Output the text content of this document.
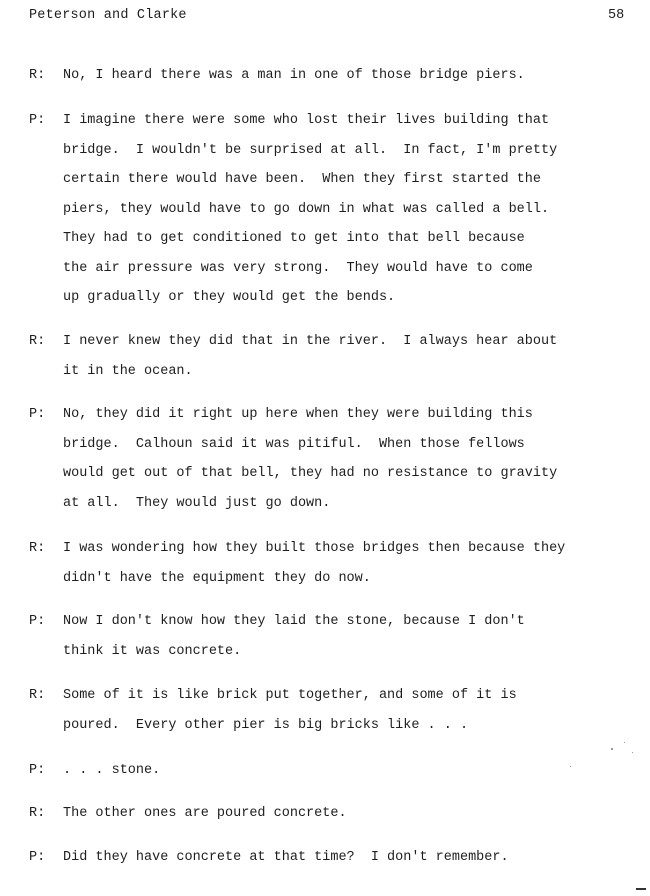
Peterson and Clarke	58
R:	No, I heard there was a man in one of those bridge piers.
P:	I imagine there were some who lost their lives building that
bridge.  I wouldn't be surprised at all.  In fact, I'm pretty
certain there would have been.  When they first started the
piers, they would have to go down in what was called a bell.
They had to get conditioned to get into that bell because
the air pressure was very strong.  They would have to come
up gradually or they would get the bends.
R:	I never knew they did that in the river.  I always hear about
it in the ocean.
P:	No, they did it right up here when they were building this
bridge.  Calhoun said it was pitiful.  When those fellows
would get out of that bell, they had no resistance to gravity
at all.  They would just go down.
R:	I was wondering how they built those bridges then because they
didn't have the equipment they do now.
P:	Now I don't know how they laid the stone, because I don't
think it was concrete.
R:	Some of it is like brick put together, and some of it is
poured.  Every other pier is big bricks like . . .
P:	. . . stone.
R:	The other ones are poured concrete.
P:	Did they have concrete at that time?  I don't remember.
